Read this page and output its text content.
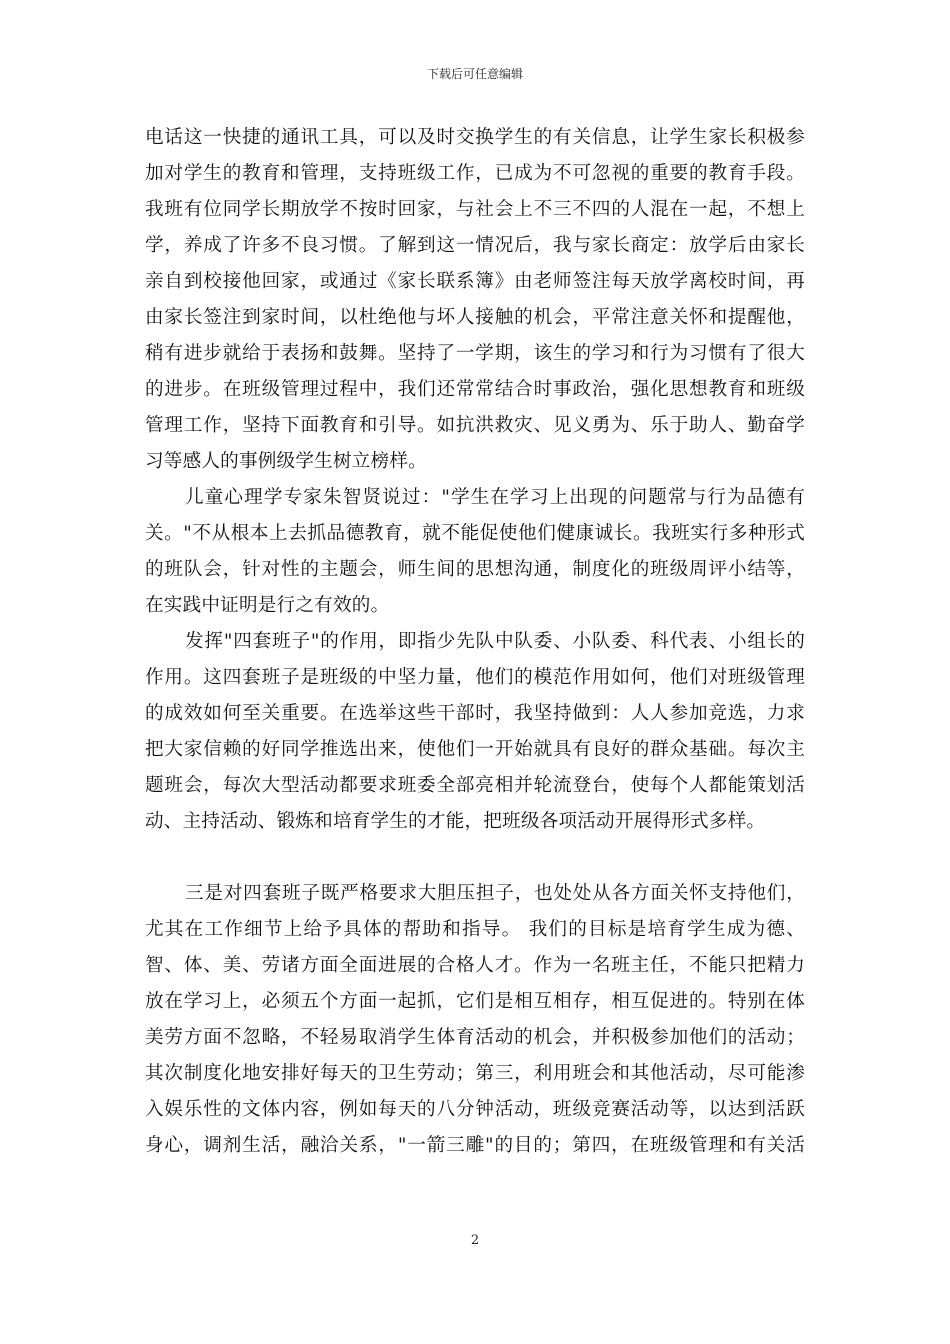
下载后可任意编辑
电话这一快捷的通讯工具，可以及时交换学生的有关信息，让学生家长积极参
加对学生的教育和管理，支持班级工作，已成为不可忽视的重要的教育手段。
我班有位同学长期放学不按时回家，与社会上不三不四的人混在一起，不想上
学，养成了许多不良习惯。了解到这一情况后，我与家长商定：放学后由家长
亲自到校接他回家，或通过《家长联系簿》由老师签注每天放学离校时间，再
由家长签注到家时间，以杜绝他与坏人接触的机会，平常注意关怀和提醒他，
稍有进步就给于表扬和鼓舞。坚持了一学期，该生的学习和行为习惯有了很大
的进步。在班级管理过程中，我们还常常结合时事政治，强化思想教育和班级
管理工作，坚持下面教育和引导。如抗洪救灾、见义勇为、乐于助人、勤奋学
习等感人的事例级学生树立榜样。
儿童心理学专家朱智贤说过："学生在学习上出现的问题常与行为品德有
关。"不从根本上去抓品德教育，就不能促使他们健康诚长。我班实行多种形式
的班队会，针对性的主题会，师生间的思想沟通，制度化的班级周评小结等，
在实践中证明是行之有效的。
发挥"四套班子"的作用，即指少先队中队委、小队委、科代表、小组长的
作用。这四套班子是班级的中坚力量，他们的模范作用如何，他们对班级管理
的成效如何至关重要。在选举这些干部时，我坚持做到：人人参加竞选，力求
把大家信赖的好同学推选出来，使他们一开始就具有良好的群众基础。每次主
题班会，每次大型活动都要求班委全部亮相并轮流登台，使每个人都能策划活
动、主持活动、锻炼和培育学生的才能，把班级各项活动开展得形式多样。
三是对四套班子既严格要求大胆压担子，也处处从各方面关怀支持他们，
尤其在工作细节上给予具体的帮助和指导。 我们的目标是培育学生成为德、
智、体、美、劳诸方面全面进展的合格人才。作为一名班主任，不能只把精力
放在学习上，必须五个方面一起抓，它们是相互相存，相互促进的。特别在体
美劳方面不忽略，不轻易取消学生体育活动的机会，并积极参加他们的活动；
其次制度化地安排好每天的卫生劳动；第三，利用班会和其他活动，尽可能渗
入娱乐性的文体内容，例如每天的八分钟活动，班级竞赛活动等，以达到活跃
身心，调剂生活，融洽关系，"一箭三雕"的目的；第四，在班级管理和有关活
2
